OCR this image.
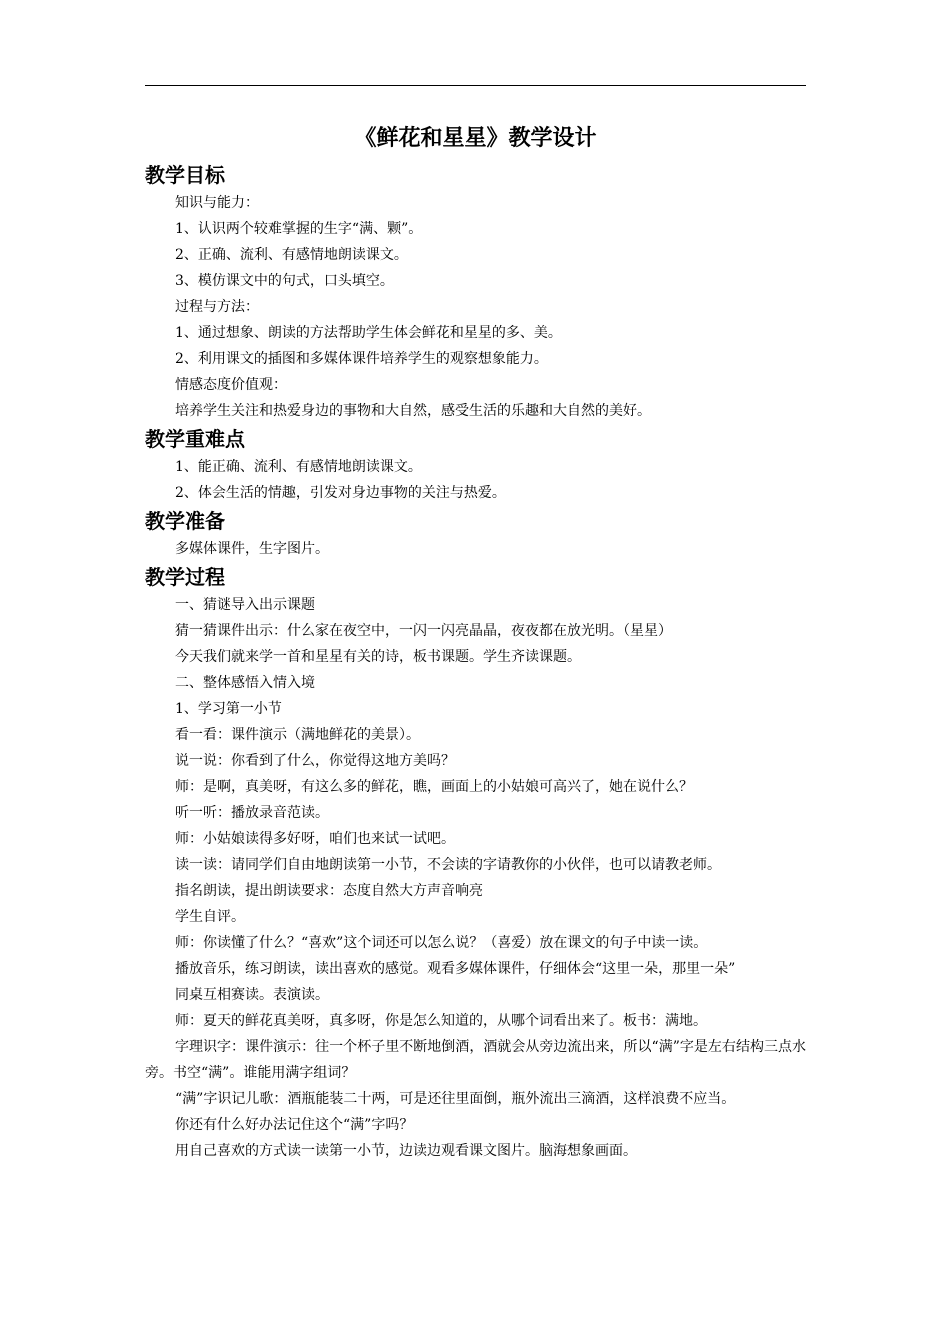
《鲜花和星星》教学设计
教学目标

知识与能力：

1、认识两个较难掌握的生字“满、颗”。

2、正确、流利、有感情地朗读课文。

3、模仿课文中的句式，口头填空。

过程与方法：

1、通过想象、朗读的方法帮助学生体会鲜花和星星的多、美。

2、利用课文的插图和多媒体课件培养学生的观察想象能力。

情感态度价值观：

培养学生关注和热爱身边的事物和大自然，感受生活的乐趣和大自然的美好。

教学重难点

1、能正确、流利、有感情地朗读课文。

2、体会生活的情趣，引发对身边事物的关注与热爱。

教学准备

多媒体课件，生字图片。

教学过程

一、猜谜导入出示课题

猜一猜课件出示：什么家在夜空中，一闪一闪亮晶晶，夜夜都在放光明。（星星）

今天我们就来学一首和星星有关的诗，板书课题。学生齐读课题。

二、整体感悟入情入境

1、学习第一小节

看一看：课件演示（满地鲜花的美景）。

说一说：你看到了什么，你觉得这地方美吗？

师：是啊，真美呀，有这么多的鲜花，瞧，画面上的小姑娘可高兴了，她在说什么？

听一听：播放录音范读。

师：小姑娘读得多好呀，咱们也来试一试吧。

读一读：请同学们自由地朗读第一小节，不会读的字请教你的小伙伴，也可以请教老师。

指名朗读，提出朗读要求：态度自然大方声音响亮

学生自评。

师：你读懂了什么？“喜欢”这个词还可以怎么说？（喜爱）放在课文的句子中读一读。

播放音乐，练习朗读，读出喜欢的感觉。观看多媒体课件，仔细体会“这里一朵，那里一朵”

同桌互相赛读。表演读。

师：夏天的鲜花真美呀，真多呀，你是怎么知道的，从哪个词看出来了。板书：满地。

字理识字：课件演示：往一个杯子里不断地倒酒，酒就会从旁边流出来，所以“满”字是左右结构三点水旁。书空“满”。谁能用满字组词？

“满”字识记儿歌：酒瓶能装二十两，可是还往里面倒，瓶外流出三滴酒，这样浪费不应当。

你还有什么好办法记住这个“满”字吗？

用自己喜欢的方式读一读第一小节，边读边观看课文图片。脑海想象画面。
